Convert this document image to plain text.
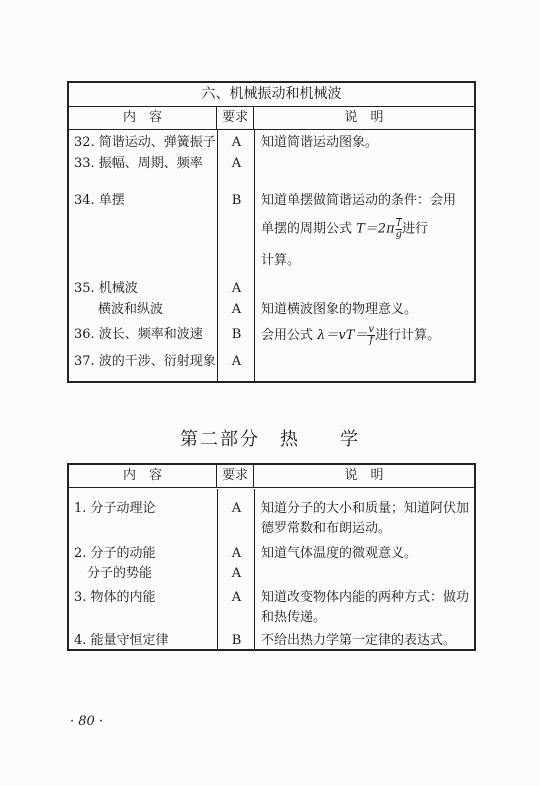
六、机械振动和机械波
内　容	要求	说　明
32. 简谐运动、弹簧振子	A	知道简谐运动图象。
33. 振幅、周期、频率	A
34. 单摆	B	知道单摆做简谐运动的条件：会用
单摆的周期公式 $T=2\pi \frac{l}{g}$ 进行
计算。
35. 机械波	A
横波和纵波	A	知道横波图象的物理意义。
36. 波长、频率和波速	B	会用公式 $\lambda=vT= \frac{v}{f}$ 进行计算。
37. 波的干涉、衍射现象	A
第二部分　热　　学
内　容	要求	说　明
1. 分子动理论	A	知道分子的大小和质量；知道阿伏加德罗常数和布朗运动。
2. 分子的动能	A	知道气体温度的微观意义。
分子的势能	A
3. 物体的内能	A	知道改变物体内能的两种方式：做功和热传递。
4. 能量守恒定律	B	不给出热力学第一定律的表达式。
· 80 ·
